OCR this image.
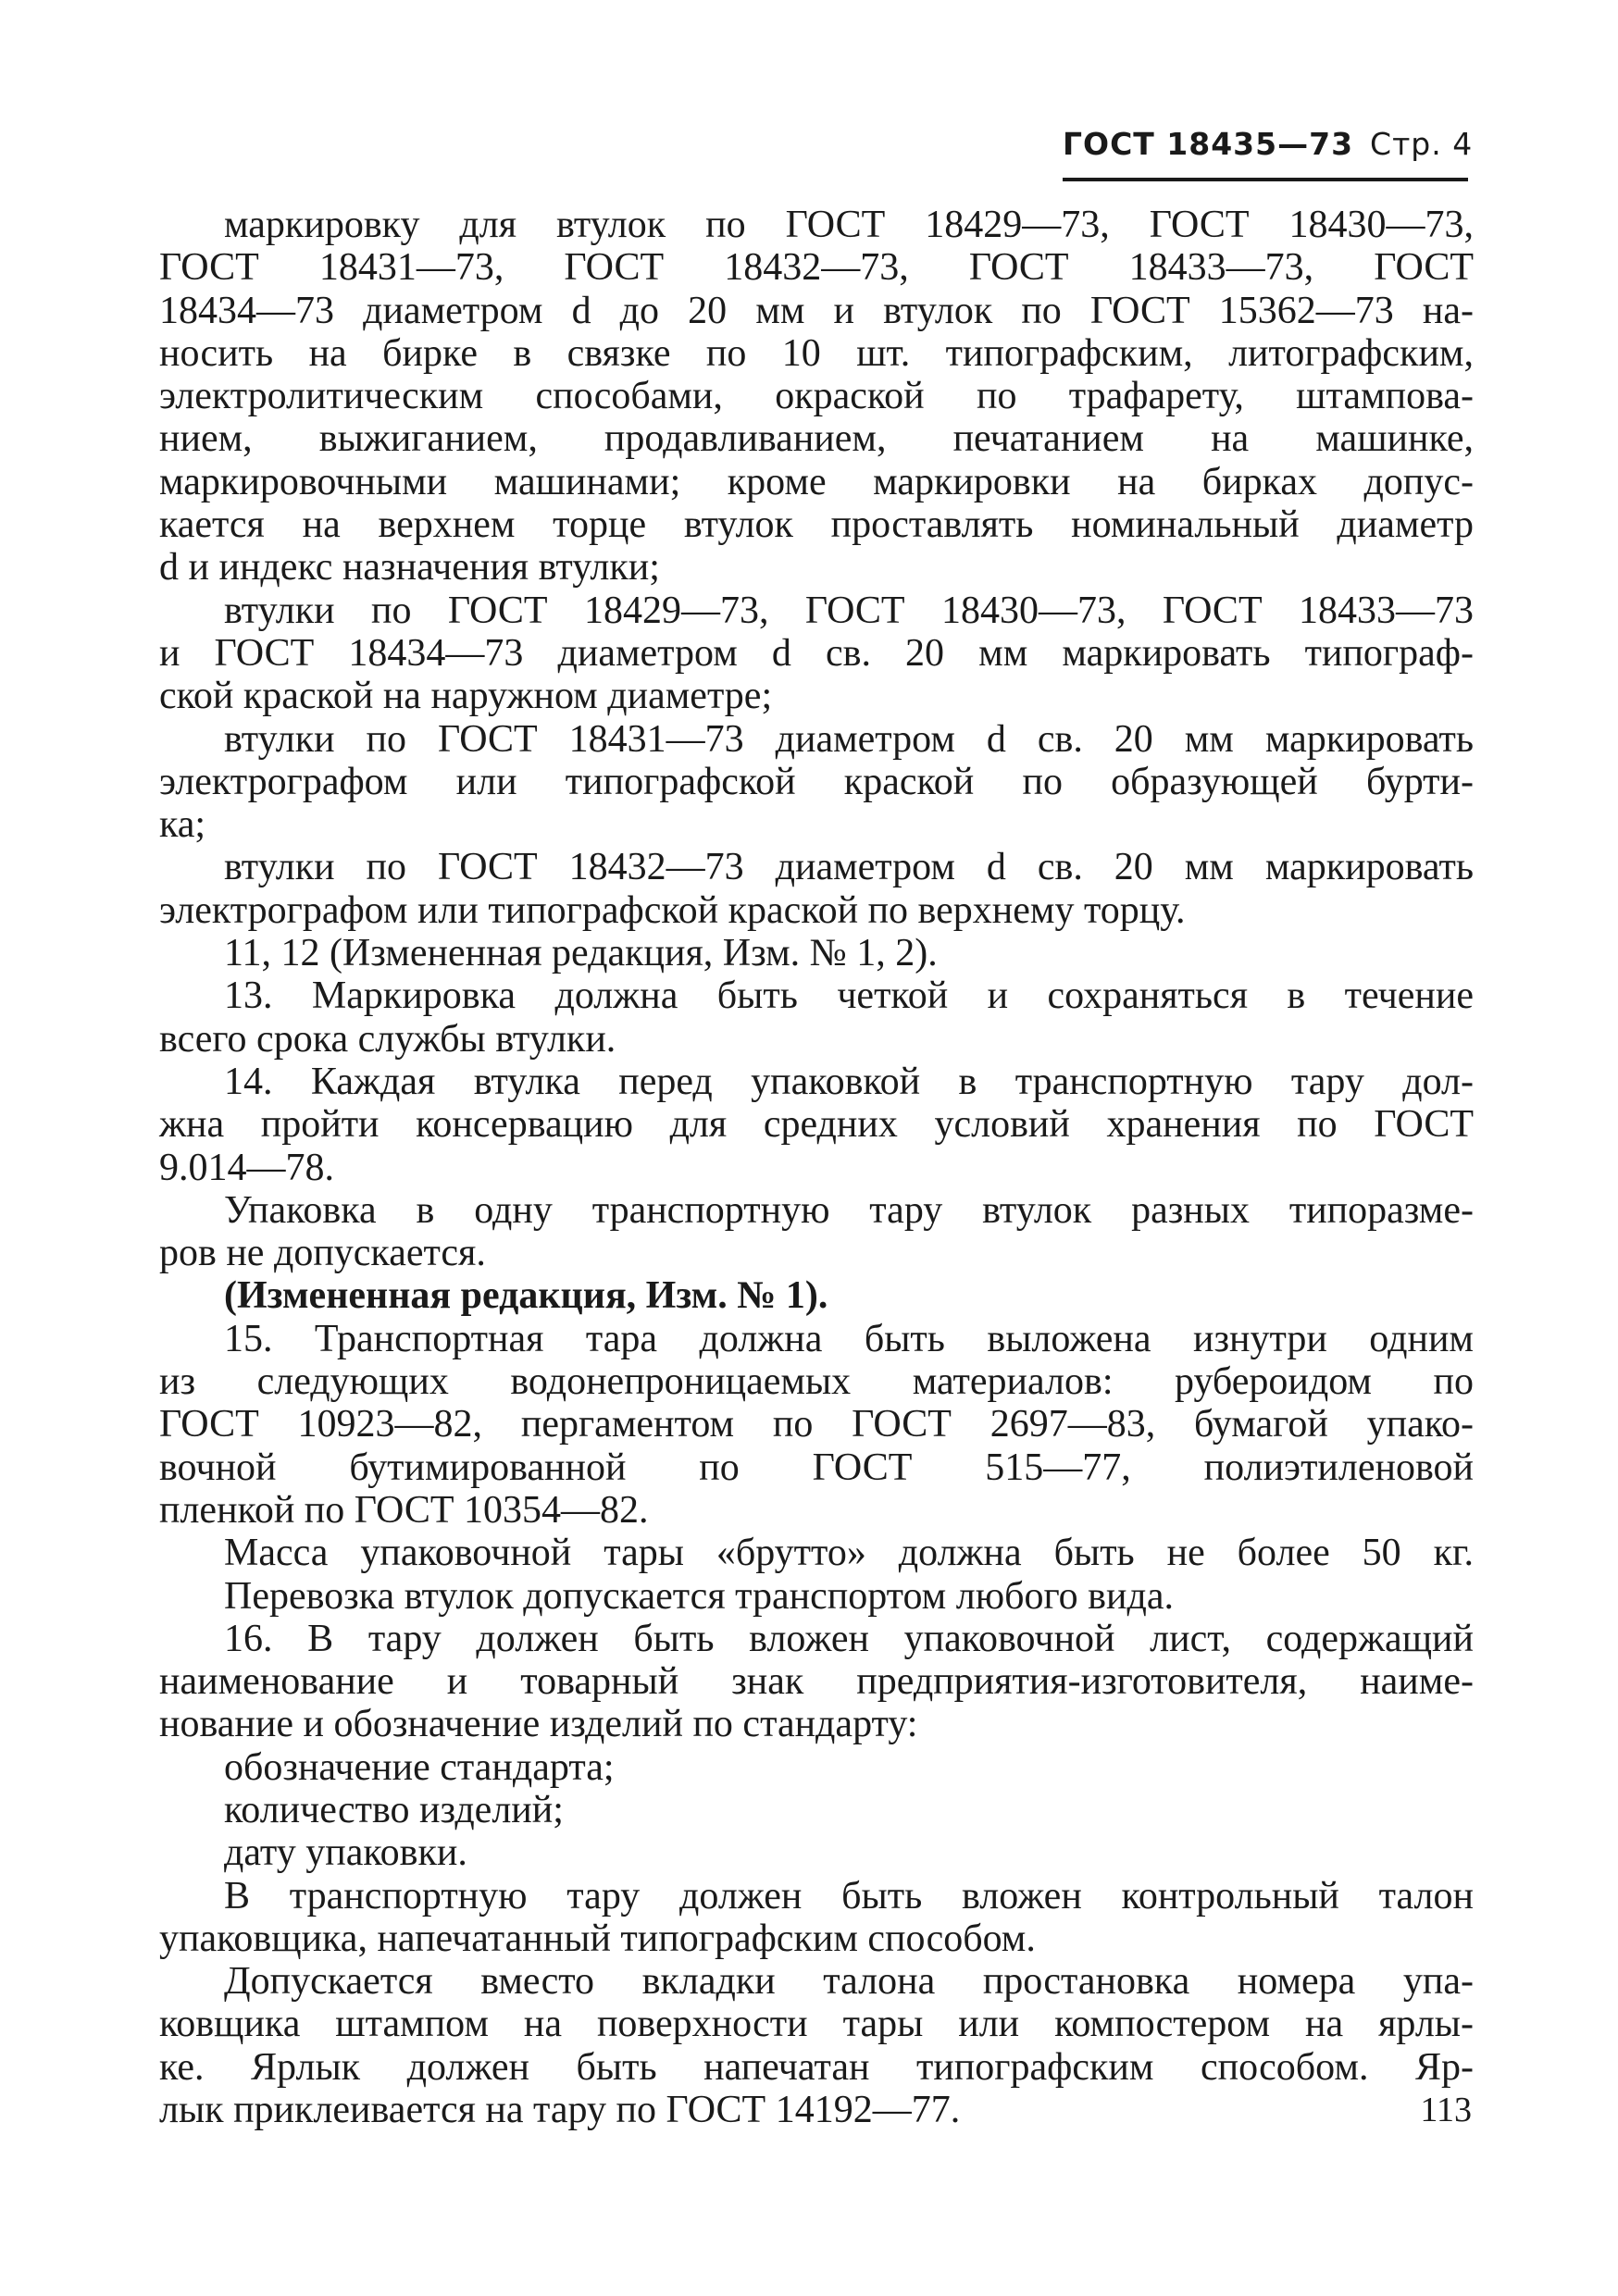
ГОСТ 18435—73 Стр. 4
маркировку для втулок по ГОСТ 18429—73, ГОСТ 18430—73,
ГОСТ 18431—73, ГОСТ 18432—73, ГОСТ 18433—73, ГОСТ
18434—73 диаметром d до 20 мм и втулок по ГОСТ 15362—73 на-
носить на бирке в связке по 10 шт. типографским, литографским,
электролитическим способами, окраской по трафарету, штампова-
нием, выжиганием, продавливанием, печатанием на машинке,
маркировочными машинами; кроме маркировки на бирках допус-
кается на верхнем торце втулок проставлять номинальный диаметр
d и индекс назначения втулки;
втулки по ГОСТ 18429—73, ГОСТ 18430—73, ГОСТ 18433—73
и ГОСТ 18434—73 диаметром d св. 20 мм маркировать типограф-
ской краской на наружном диаметре;
втулки по ГОСТ 18431—73 диаметром d св. 20 мм маркировать
электрографом или типографской краской по образующей бурти-
ка;
втулки по ГОСТ 18432—73 диаметром d св. 20 мм маркировать
электрографом или типографской краской по верхнему торцу.
11, 12 (Измененная редакция, Изм. № 1, 2).
13. Маркировка должна быть четкой и сохраняться в течение
всего срока службы втулки.
14. Каждая втулка перед упаковкой в транспортную тару дол-
жна пройти консервацию для средних условий хранения по ГОСТ
9.014—78.
Упаковка в одну транспортную тару втулок разных типоразме-
ров не допускается.
(Измененная редакция, Изм. № 1).
15. Транспортная тара должна быть выложена изнутри одним
из следующих водонепроницаемых материалов: рубероидом по
ГОСТ 10923—82, пергаментом по ГОСТ 2697—83, бумагой упако-
вочной бутимированной по ГОСТ 515—77, полиэтиленовой
пленкой по ГОСТ 10354—82.
Масса упаковочной тары «брутто» должна быть не более 50 кг.
Перевозка втулок допускается транспортом любого вида.
16. В тару должен быть вложен упаковочной лист, содержащий
наименование и товарный знак предприятия-изготовителя, наиме-
нование и обозначение изделий по стандарту:
обозначение стандарта;
количество изделий;
дату упаковки.
В транспортную тару должен быть вложен контрольный талон
упаковщика, напечатанный типографским способом.
Допускается вместо вкладки талона простановка номера упа-
ковщика штампом на поверхности тары или компостером на ярлы-
ке. Ярлык должен быть напечатан типографским способом. Яр-
лык приклеивается на тару по ГОСТ 14192—77.	113
